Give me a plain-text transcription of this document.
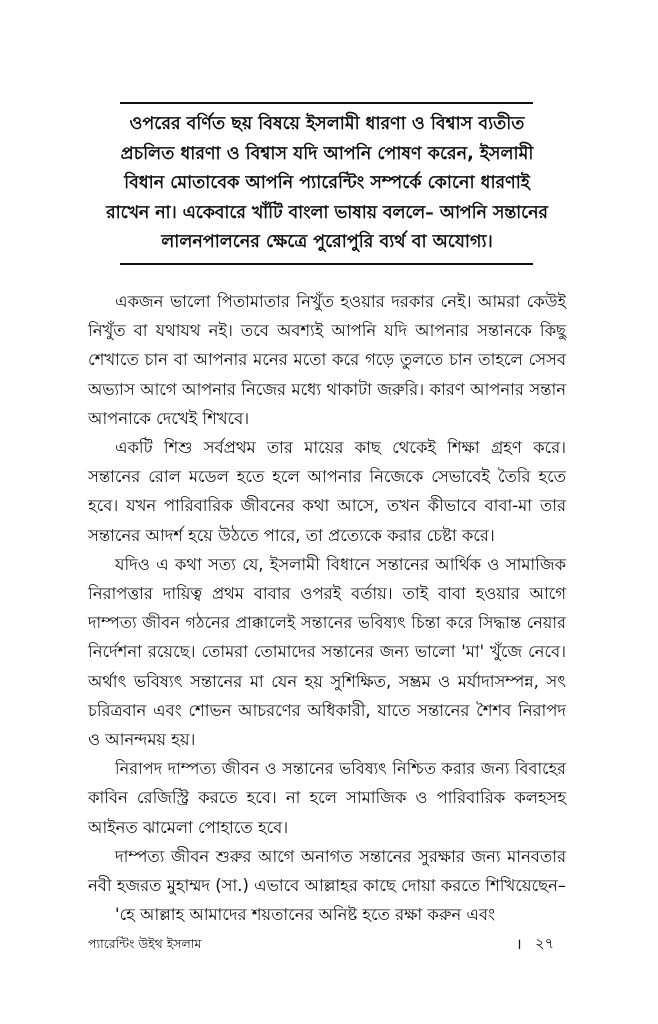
ওপরের বর্ণিত ছয় বিষয়ে ইসলামী ধারণা ও বিশ্বাস ব্যতীত
প্রচলিত ধারণা ও বিশ্বাস যদি আপনি পোষণ করেন, ইসলামী
বিধান মোতাবেক আপনি প্যারেন্টিং সম্পর্কে কোনো ধারণাই
রাখেন না। একেবারে খাঁটি বাংলা ভাষায় বললে– আপনি সন্তানের
লালনপালনের ক্ষেত্রে পুরোপুরি ব্যর্থ বা অযোগ্য।
একজন ভালো পিতামাতার নিখুঁত হওয়ার দরকার নেই। আমরা কেউই
নিখুঁত বা যথাযথ নই। তবে অবশ্যই আপনি যদি আপনার সন্তানকে কিছু
শেখাতে চান বা আপনার মনের মতো করে গড়ে তুলতে চান তাহলে সেসব
অভ্যাস আগে আপনার নিজের মধ্যে থাকাটা জরুরি। কারণ আপনার সন্তান
আপনাকে দেখেই শিখবে।
একটি শিশু সর্বপ্রথম তার মায়ের কাছ থেকেই শিক্ষা গ্রহণ করে।
সন্তানের রোল মডেল হতে হলে আপনার নিজেকে সেভাবেই তৈরি হতে
হবে। যখন পারিবারিক জীবনের কথা আসে, তখন কীভাবে বাবা-মা তার
সন্তানের আদর্শ হয়ে উঠতে পারে, তা প্রত্যেকে করার চেষ্টা করে।
যদিও এ কথা সত্য যে, ইসলামী বিধানে সন্তানের আর্থিক ও সামাজিক
নিরাপত্তার দায়িত্ব প্রথম বাবার ওপরই বর্তায়। তাই বাবা হওয়ার আগে
দাম্পত্য জীবন গঠনের প্রাক্কালেই সন্তানের ভবিষ্যৎ চিন্তা করে সিদ্ধান্ত নেয়ার
নির্দেশনা রয়েছে। তোমরা তোমাদের সন্তানের জন্য ভালো 'মা' খুঁজে নেবে।
অর্থাৎ ভবিষ্যৎ সন্তানের মা যেন হয় সুশিক্ষিত, সম্ভ্রম ও মর্যাদাসম্পন্ন, সৎ
চরিত্রবান এবং শোভন আচরণের অধিকারী, যাতে সন্তানের শৈশব নিরাপদ
ও আনন্দময় হয়।
নিরাপদ দাম্পত্য জীবন ও সন্তানের ভবিষ্যৎ নিশ্চিত করার জন্য বিবাহের
কাবিন রেজিস্ট্রি করতে হবে। না হলে সামাজিক ও পারিবারিক কলহসহ
আইনত ঝামেলা পোহাতে হবে।
দাম্পত্য জীবন শুরুর আগে অনাগত সন্তানের সুরক্ষার জন্য মানবতার
নবী হজরত মুহাম্মদ (সা.) এভাবে আল্লাহর কাছে দোয়া করতে শিখিয়েছেন–
'হে আল্লাহ আমাদের শয়তানের অনিষ্ট হতে রক্ষা করুন এবং
প্যারেন্টিং উইথ ইসলাম	। ২৭
